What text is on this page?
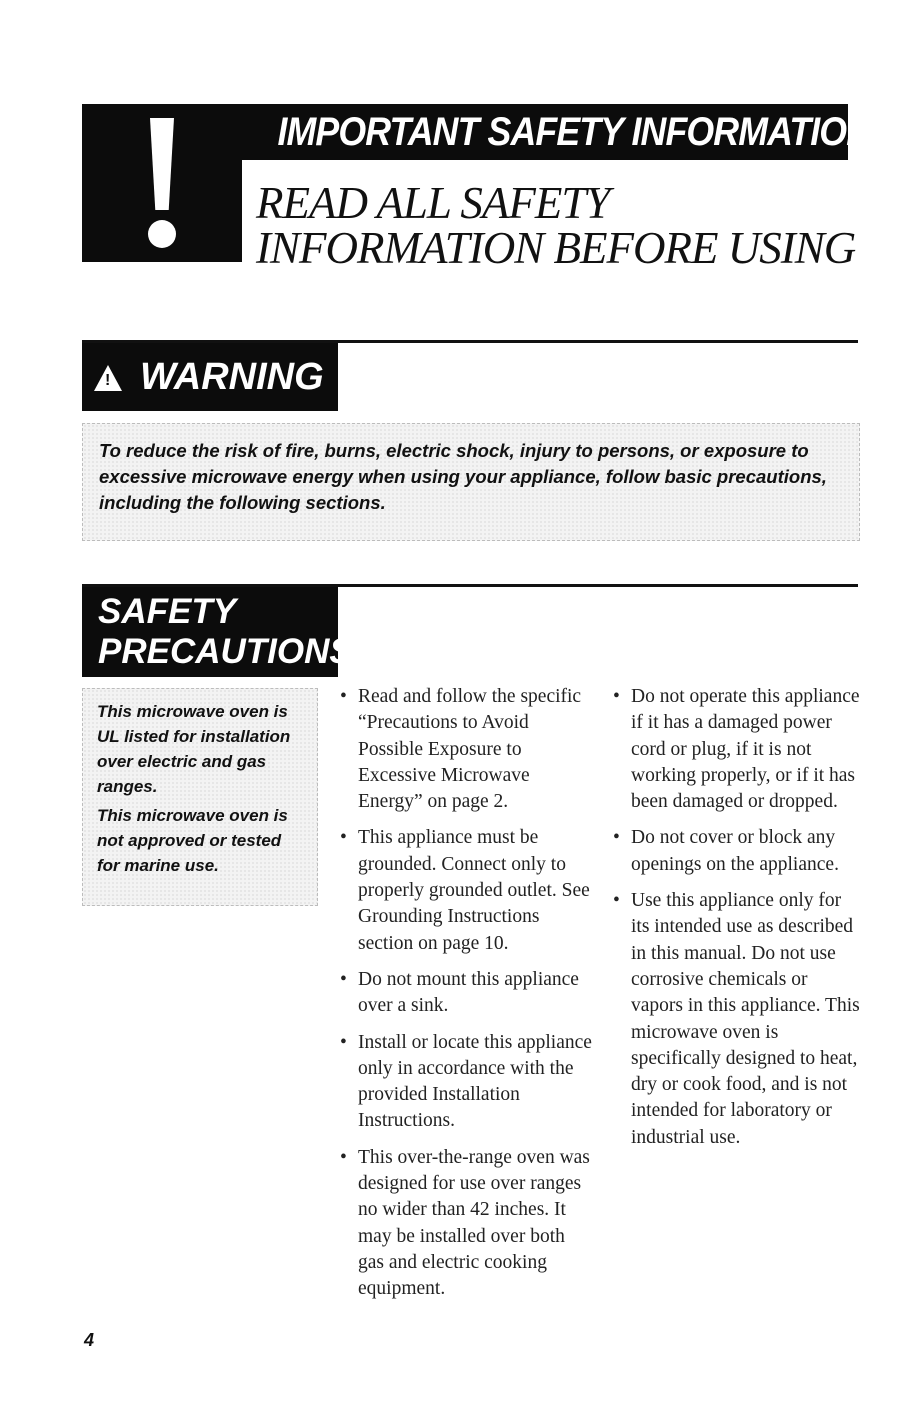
IMPORTANT SAFETY INFORMATION
READ ALL SAFETY
INFORMATION BEFORE USING
! WARNING
To reduce the risk of fire, burns, electric shock, injury to persons, or exposure to excessive microwave energy when using your appliance, follow basic precautions, including the following sections.
SAFETY
PRECAUTIONS

This microwave oven is UL listed for installation over electric and gas ranges.

This microwave oven is not approved or tested for marine use.

• Read and follow the specific “Precautions to Avoid Possible Exposure to Excessive Microwave Energy” on page 2.
• This appliance must be grounded. Connect only to properly grounded outlet. See Grounding Instructions section on page 10.
• Do not mount this appliance over a sink.
• Install or locate this appliance only in accordance with the provided Installation Instructions.
• This over-the-range oven was designed for use over ranges no wider than 42 inches. It may be installed over both gas and electric cooking equipment.
• Do not operate this appliance if it has a damaged power cord or plug, if it is not working properly, or if it has been damaged or dropped.
• Do not cover or block any openings on the appliance.
• Use this appliance only for its intended use as described in this manual. Do not use corrosive chemicals or vapors in this appliance. This microwave oven is specifically designed to heat, dry or cook food, and is not intended for laboratory or industrial use.
4
